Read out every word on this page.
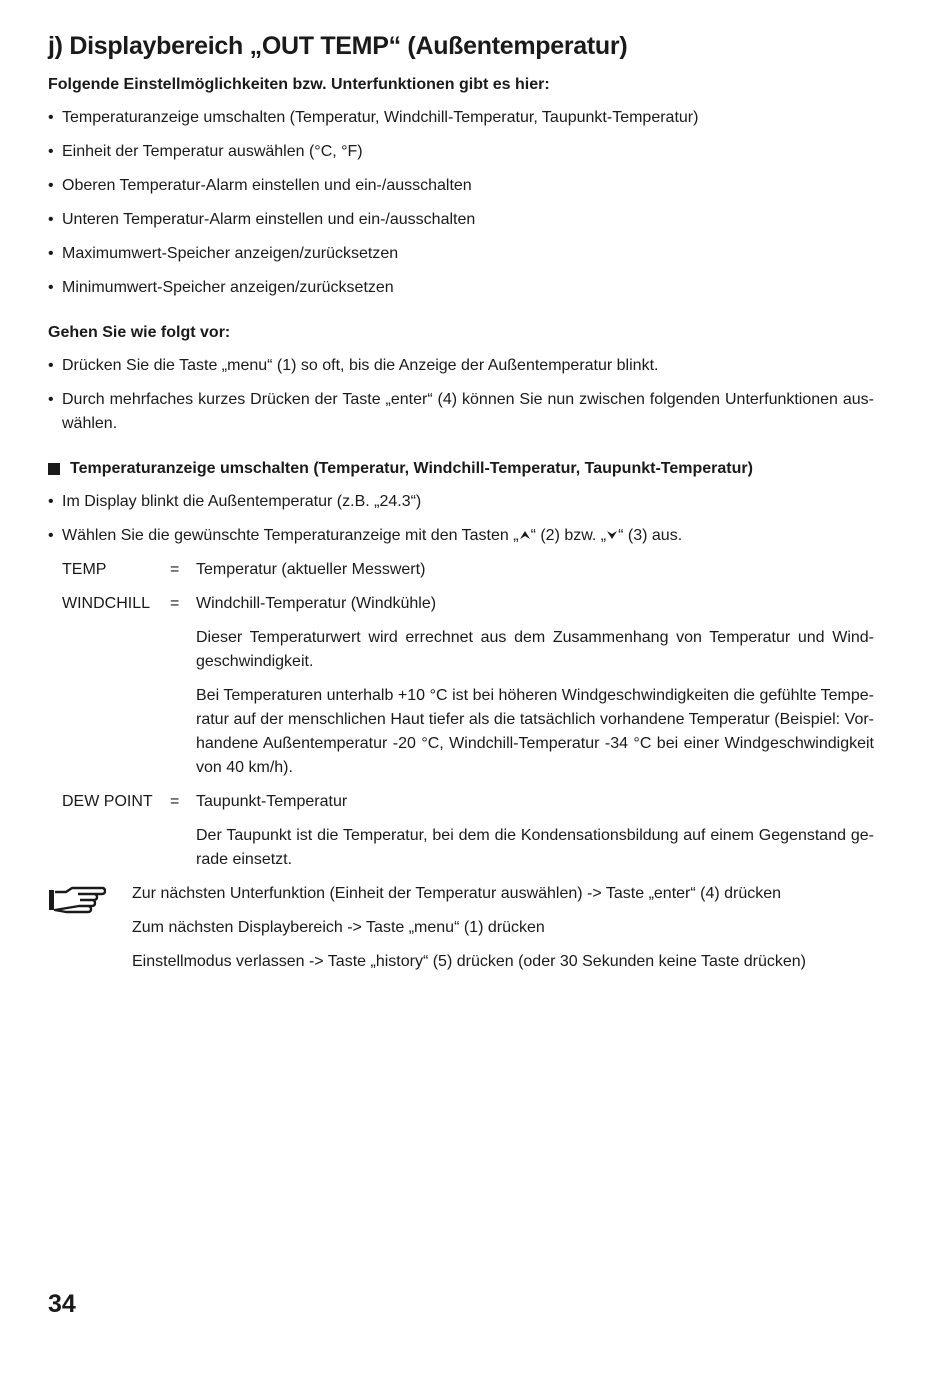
j) Displaybereich „OUT TEMP“ (Außentemperatur)
Folgende Einstellmöglichkeiten bzw. Unterfunktionen gibt es hier:
• Temperaturanzeige umschalten (Temperatur, Windchill-Temperatur, Taupunkt-Temperatur)
• Einheit der Temperatur auswählen (°C, °F)
• Oberen Temperatur-Alarm einstellen und ein-/ausschalten
• Unteren Temperatur-Alarm einstellen und ein-/ausschalten
• Maximumwert-Speicher anzeigen/zurücksetzen
• Minimumwert-Speicher anzeigen/zurücksetzen
Gehen Sie wie folgt vor:
• Drücken Sie die Taste „menu“ (1) so oft, bis die Anzeige der Außentemperatur blinkt.
• Durch mehrfaches kurzes Drücken der Taste „enter“ (4) können Sie nun zwischen folgenden Unterfunktionen auswählen.
Temperaturanzeige umschalten (Temperatur, Windchill-Temperatur, Taupunkt-Temperatur)
• Im Display blinkt die Außentemperatur (z.B. „24.3“)
• Wählen Sie die gewünschte Temperaturanzeige mit den Tasten „ “ (2) bzw. „ “ (3) aus.
TEMP	=	Temperatur (aktueller Messwert)
WINDCHILL	=	Windchill-Temperatur (Windkühle)
Dieser Temperaturwert wird errechnet aus dem Zusammenhang von Temperatur und Windgeschwindigkeit.
Bei Temperaturen unterhalb +10 °C ist bei höheren Windgeschwindigkeiten die gefühlte Temperatur auf der menschlichen Haut tiefer als die tatsächlich vorhandene Temperatur (Beispiel: Vorhandene Außentemperatur -20 °C, Windchill-Temperatur -34 °C bei einer Windgeschwindigkeit von 40 km/h).
DEW POINT	=	Taupunkt-Temperatur
Der Taupunkt ist die Temperatur, bei dem die Kondensationsbildung auf einem Gegenstand gerade einsetzt.
Zur nächsten Unterfunktion (Einheit der Temperatur auswählen) -> Taste „enter“ (4) drücken
Zum nächsten Displaybereich -> Taste „menu“ (1) drücken
Einstellmodus verlassen -> Taste „history“ (5) drücken (oder 30 Sekunden keine Taste drücken)
34
